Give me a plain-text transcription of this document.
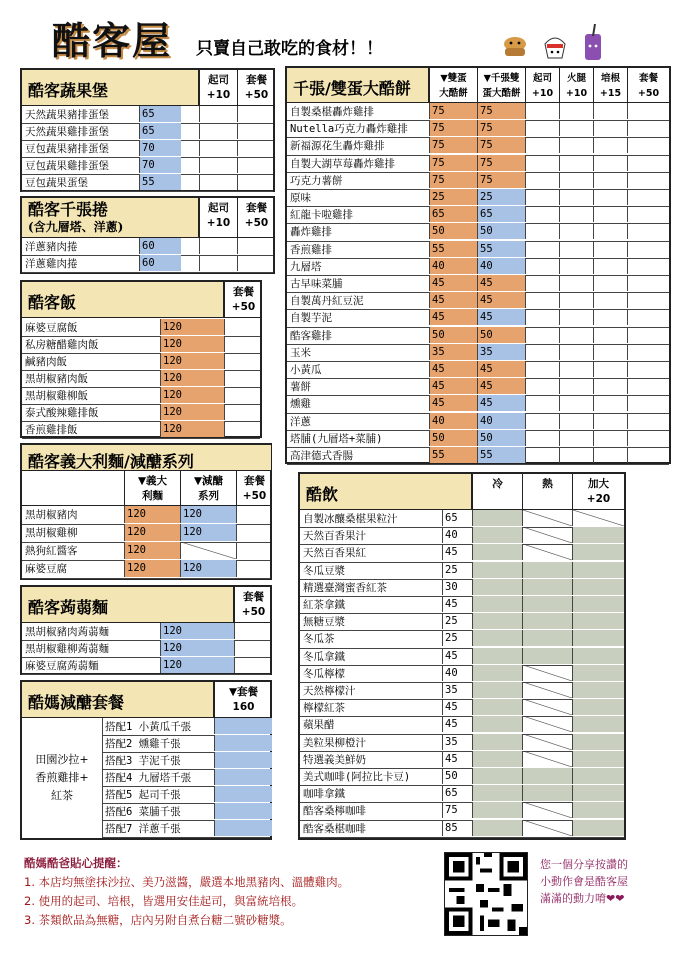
酷客屋 只賣自己敢吃的食材！！
酷客蔬果堡
起司
+10
套餐
+50
天然蔬果豬排蛋堡	65
天然蔬果雞排蛋堡	65
豆包蔬果豬排蛋堡	70
豆包蔬果雞排蛋堡	70
豆包蔬果蛋堡	55
酷客千張捲
(含九層塔、洋蔥)
起司
+10
套餐
+50
洋蔥豬肉捲	60
洋蔥雞肉捲	60
酷客飯
套餐
+50
麻婆豆腐飯	120
私房糖醋雞肉飯	120
鹹豬肉飯	120
黑胡椒豬肉飯	120
黑胡椒雞柳飯	120
泰式酸辣雞排飯	120
香煎雞排飯	120
酷客義大利麵/減醣系列
▼義大
利麵
▼減醣
系列
套餐
+50
黑胡椒豬肉	120	120
黑胡椒雞柳	120	120
熱狗紅醬客	120
麻婆豆腐	120	120
酷客蒟蒻麵
套餐
+50
黑胡椒豬肉蒟蒻麵	120
黑胡椒雞柳蒟蒻麵	120
麻婆豆腐蒟蒻麵	120
酷媽減醣套餐
▼套餐
160
田園沙拉+
香煎雞排+
紅茶
搭配1 小黃瓜千張
搭配2 燻雞千張
搭配3 芋泥千張
搭配4 九層塔千張
搭配5 起司千張
搭配6 菜脯千張
搭配7 洋蔥千張
千張/雙蛋大酷餅
▼雙蛋
大酷餅
▼千張雙
蛋大酷餅
起司
+10
火腿
+10
培根
+15
套餐
+50
自製桑椹轟炸雞排	75	75
Nutella巧克力轟炸雞排 75	75
新福源花生轟炸雞排	75	75
自製大湖草莓轟炸雞排	75	75
巧克力薯餅	75	75
原味	25	25
紅龍卡啦雞排	65	65
轟炸雞排	50	50
香煎雞排	55	55
九層塔	40	40
古早味菜脯	45	45
自製萬丹紅豆泥	45	45
自製芋泥	45	45
酷客雞排	50	50
玉米	35	35
小黃瓜	45	45
薯餅	45	45
燻雞	45	45
洋蔥	40	40
塔脯(九層塔+菜脯)	50	50
高津德式香腸	55	55
酷飲
冷	熱	加大
+20
自製冰釀桑椹果粒汁	65
天然百香果汁	40
天然百香果紅	45
冬瓜豆漿	25
精選臺灣蜜香紅茶	30
紅茶拿鐵	45
無糖豆漿	25
冬瓜茶	25
冬瓜拿鐵	45
冬瓜檸檬	40
天然檸檬汁	35
檸檬紅茶	45
蘋果醋	45
美粒果柳橙汁	35
特選義美鮮奶	45
美式咖啡(阿拉比卡豆)	50
咖啡拿鐵	65
酷客桑檸咖啡	75
酷客桑椹咖啡	85
酷媽酷爸貼心提醒：
1. 本店均無塗抹沙拉、美乃滋醬，嚴選本地黑豬肉、溫體雞肉。
2. 使用的起司、培根，皆選用安佳起司，與富統培根。
3. 茶類飲品為無糖，店內另附自煮台糖二號砂糖漿。
您一個分享按讚的
小動作會是酷客屋
滿滿的動力唷❤❤
